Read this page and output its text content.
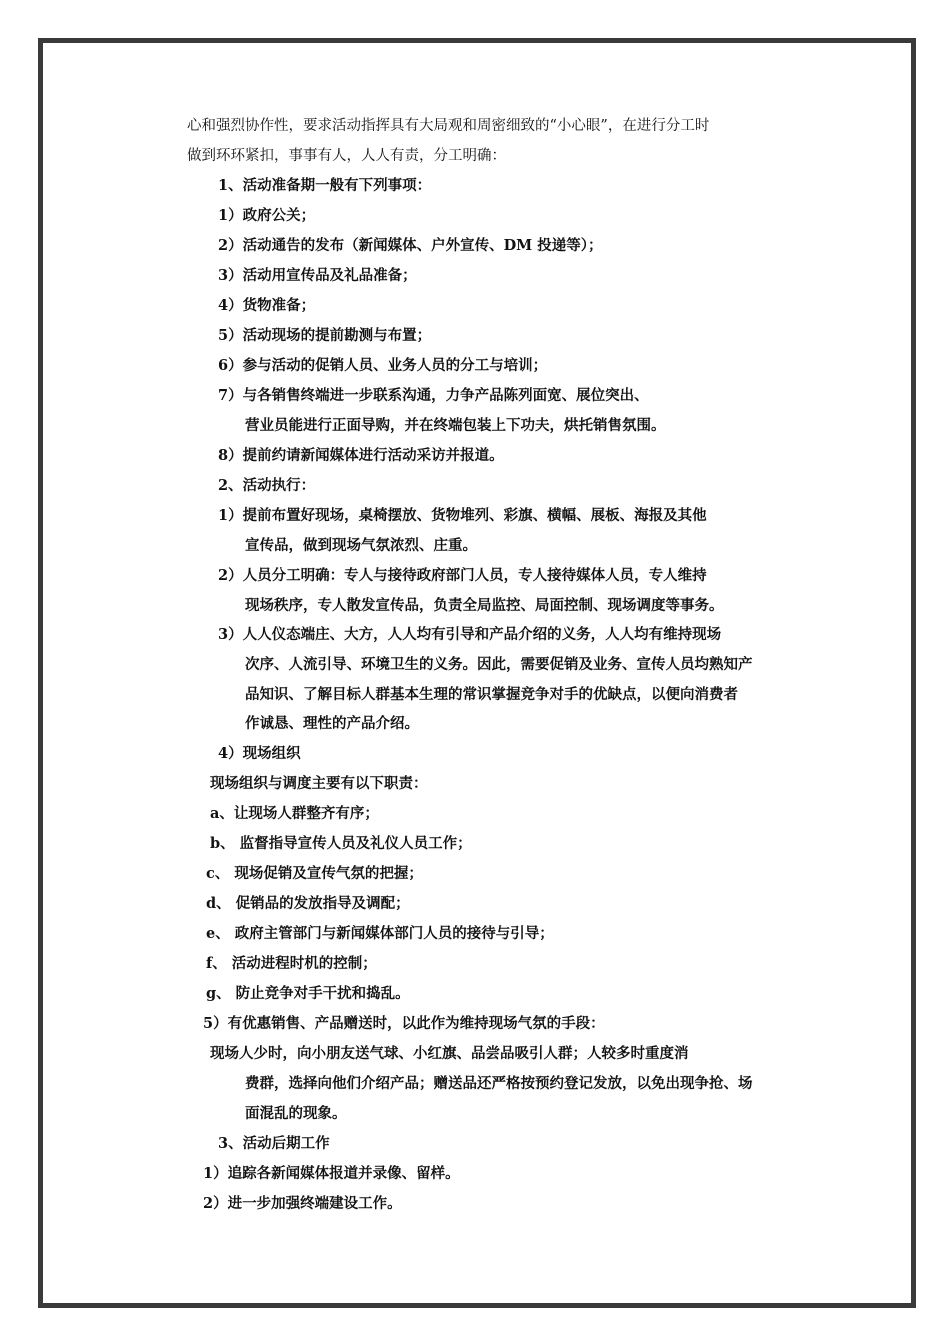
心和强烈协作性，要求活动指挥具有大局观和周密细致的“小心眼”，在进行分工时
做到环环紧扣，事事有人，人人有责，分工明确：
1、活动准备期一般有下列事项：
1）政府公关；
2）活动通告的发布（新闻媒体、户外宣传、DM 投递等）；
3）活动用宣传品及礼品准备；
4）货物准备；
5）活动现场的提前勘测与布置；
6）参与活动的促销人员、业务人员的分工与培训；
7）与各销售终端进一步联系沟通，力争产品陈列面宽、展位突出、
营业员能进行正面导购，并在终端包装上下功夫，烘托销售氛围。
8）提前约请新闻媒体进行活动采访并报道。
2、活动执行：
1）提前布置好现场，桌椅摆放、货物堆列、彩旗、横幅、展板、海报及其他
宣传品，做到现场气氛浓烈、庄重。
2）人员分工明确：专人与接待政府部门人员，专人接待媒体人员，专人维持
现场秩序，专人散发宣传品，负责全局监控、局面控制、现场调度等事务。
3）人人仪态端庄、大方，人人均有引导和产品介绍的义务，人人均有维持现场
次序、人流引导、环境卫生的义务。因此，需要促销及业务、宣传人员均熟知产
品知识、了解目标人群基本生理的常识掌握竞争对手的优缺点，以便向消费者
作诚恳、理性的产品介绍。
4）现场组织
现场组织与调度主要有以下职责：
a、让现场人群整齐有序；
b、 监督指导宣传人员及礼仪人员工作；
c、 现场促销及宣传气氛的把握；
d、 促销品的发放指导及调配；
e、 政府主管部门与新闻媒体部门人员的接待与引导；
f、 活动进程时机的控制；
g、 防止竞争对手干扰和捣乱。
5）有优惠销售、产品赠送时，以此作为维持现场气氛的手段：
现场人少时，向小朋友送气球、小红旗、品尝品吸引人群；人较多时重度消
费群，选择向他们介绍产品；赠送品还严格按预约登记发放，以免出现争抢、场
面混乱的现象。
3、活动后期工作
1）追踪各新闻媒体报道并录像、留样。
2）进一步加强终端建设工作。
